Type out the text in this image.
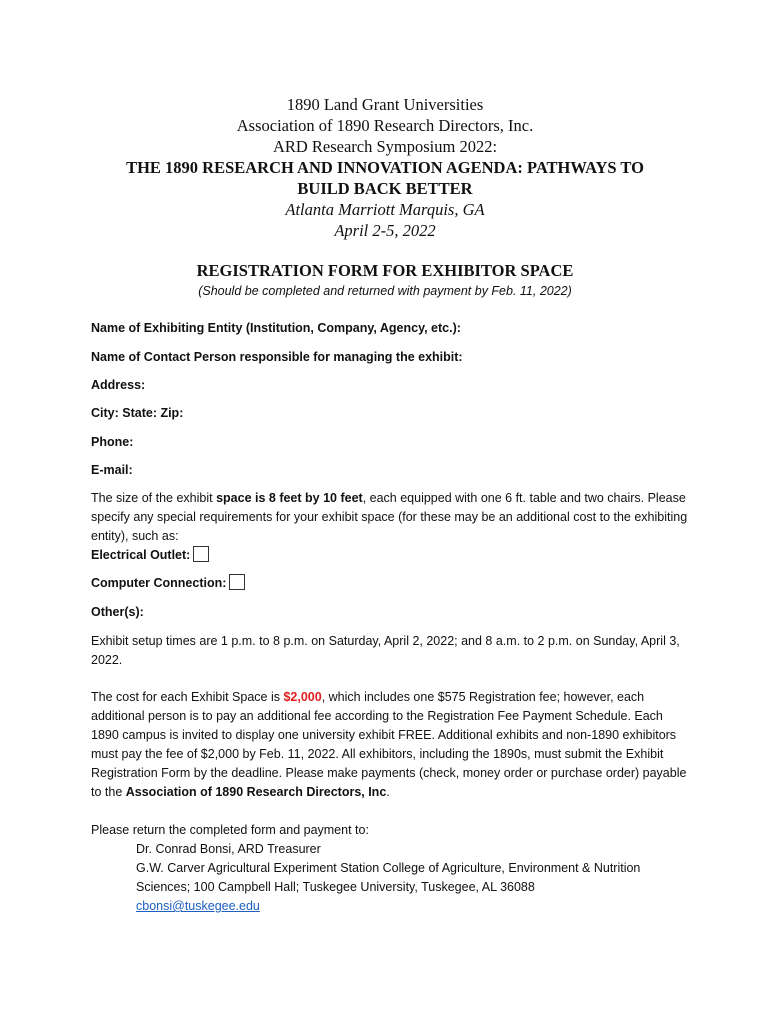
1890 Land Grant Universities
Association of 1890 Research Directors, Inc.
ARD Research Symposium 2022:
THE 1890 RESEARCH AND INNOVATION AGENDA: PATHWAYS TO
BUILD BACK BETTER
Atlanta Marriott Marquis, GA
April 2-5, 2022
REGISTRATION FORM FOR EXHIBITOR SPACE
(Should be completed and returned with payment by Feb. 11, 2022)
Name of Exhibiting Entity (Institution, Company, Agency, etc.):
Name of Contact Person responsible for managing the exhibit:
Address:
City: State: Zip:
Phone:
E-mail:
The size of the exhibit space is 8 feet by 10 feet, each equipped with one 6 ft. table and two chairs. Please specify any special requirements for your exhibit space (for these may be an additional cost to the exhibiting entity), such as:
Electrical Outlet:
Computer Connection:
Other(s):
Exhibit setup times are 1 p.m. to 8 p.m. on Saturday, April 2, 2022; and 8 a.m. to 2 p.m. on Sunday, April 3, 2022.
The cost for each Exhibit Space is $2,000, which includes one $575 Registration fee; however, each additional person is to pay an additional fee according to the Registration Fee Payment Schedule. Each 1890 campus is invited to display one university exhibit FREE. Additional exhibits and non-1890 exhibitors must pay the fee of $2,000 by Feb. 11, 2022. All exhibitors, including the 1890s, must submit the Exhibit Registration Form by the deadline. Please make payments (check, money order or purchase order) payable to the Association of 1890 Research Directors, Inc.
Please return the completed form and payment to:
Dr. Conrad Bonsi, ARD Treasurer
G.W. Carver Agricultural Experiment Station College of Agriculture, Environment & Nutrition Sciences; 100 Campbell Hall; Tuskegee University, Tuskegee, AL 36088
cbonsi@tuskegee.edu
